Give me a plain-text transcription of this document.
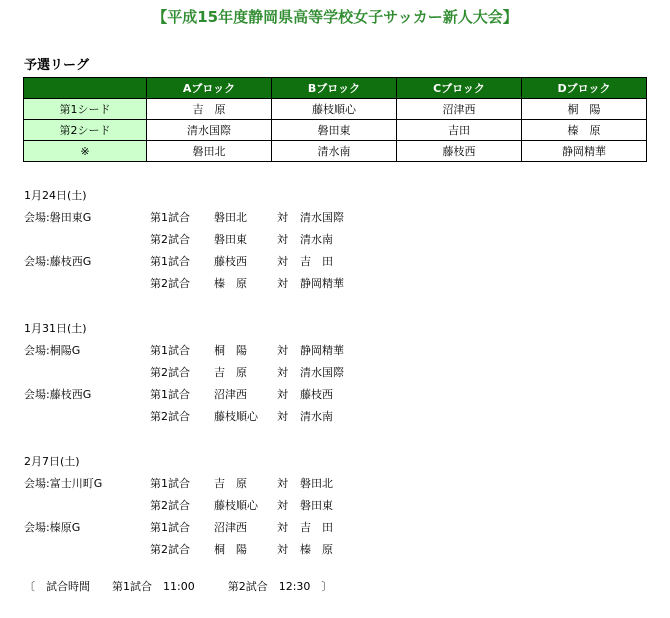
【平成15年度静岡県高等学校女子サッカー新人大会】
予選リーグ
	Aブロック	Bブロック	Cブロック	Dブロック
第1シード	吉　原	藤枝順心	沼津西	桐　陽
第2シード	清水国際	磐田東	吉田	榛　原
※	磐田北	清水南	藤枝西	静岡精華
1月24日(土)
会場:磐田東G	第1試合 磐田北	対 清水国際
第2試合 磐田東	対 清水南
会場:藤枝西G	第1試合 藤枝西	対 吉　田
第2試合 榛　原	対 静岡精華
1月31日(土)
会場:桐陽G	第1試合 桐　陽	対 静岡精華
第2試合 吉　原	対 清水国際
会場:藤枝西G	第1試合 沼津西	対 藤枝西
第2試合 藤枝順心 対 清水南
2月7日(土)
会場:富士川町G	第1試合 吉　原	対 磐田北
第2試合 藤枝順心 対 磐田東
会場:榛原G	第1試合 沼津西	対 吉　田
第2試合 桐　陽	対 榛　原
〔　試合時間　　第1試合　11:00　　　第2試合　12:30　〕
